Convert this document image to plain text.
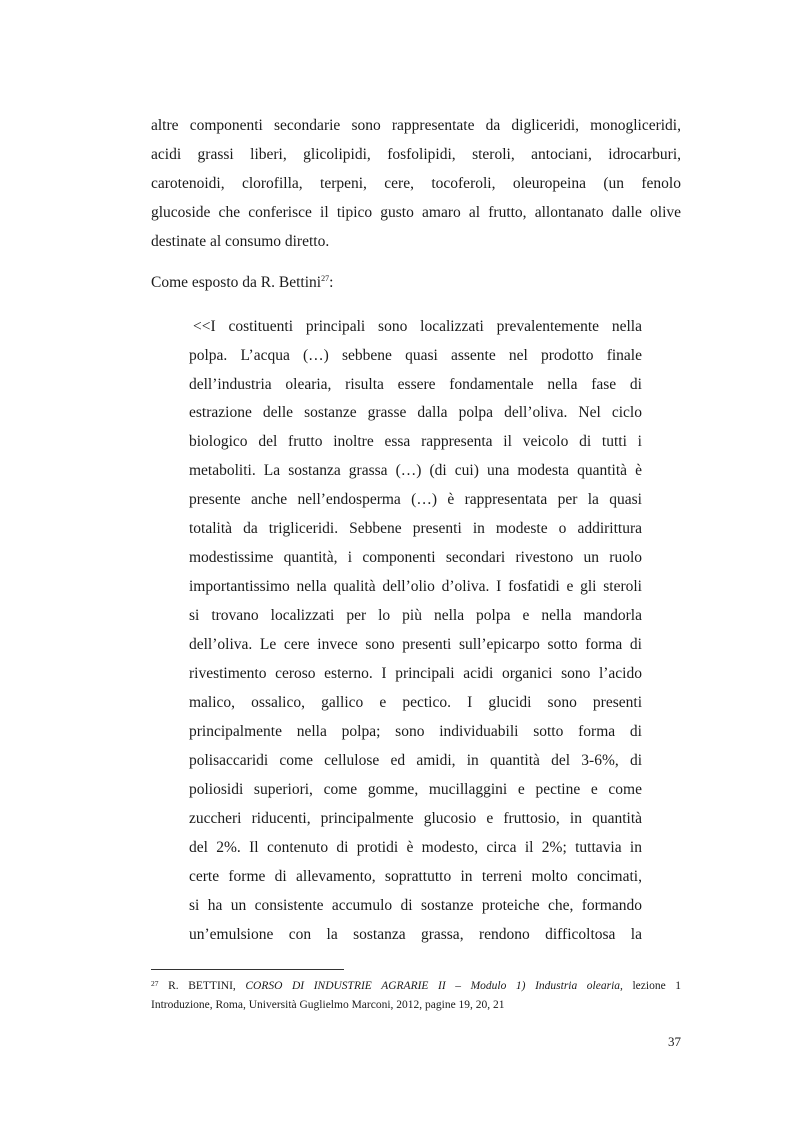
altre componenti secondarie sono rappresentate da digliceridi, monogliceridi,
acidi grassi liberi, glicolipidi, fosfolipidi, steroli, antociani, idrocarburi,
carotenoidi, clorofilla, terpeni, cere, tocoferoli, oleuropeina (un fenolo
glucoside che conferisce il tipico gusto amaro al frutto, allontanato dalle olive
destinate al consumo diretto.
Come esposto da R. Bettini$^{27}$:
<<I costituenti principali sono localizzati prevalentemente nella
polpa. L’acqua (…) sebbene quasi assente nel prodotto finale
dell’industria olearia, risulta essere fondamentale nella fase di
estrazione delle sostanze grasse dalla polpa dell’oliva. Nel ciclo
biologico del frutto inoltre essa rappresenta il veicolo di tutti i
metaboliti. La sostanza grassa (…) (di cui) una modesta quantità è
presente anche nell’endosperma (…) è rappresentata per la quasi
totalità da trigliceridi. Sebbene presenti in modeste o addirittura
modestissime quantità, i componenti secondari rivestono un ruolo
importantissimo nella qualità dell’olio d’oliva. I fosfatidi e gli steroli
si trovano localizzati per lo più nella polpa e nella mandorla
dell’oliva. Le cere invece sono presenti sull’epicarpo sotto forma di
rivestimento ceroso esterno. I principali acidi organici sono l’acido
malico, ossalico, gallico e pectico. I glucidi sono presenti
principalmente nella polpa; sono individuabili sotto forma di
polisaccaridi come cellulose ed amidi, in quantità del 3-6%, di
poliosidi superiori, come gomme, mucillaggini e pectine e come
zuccheri riducenti, principalmente glucosio e fruttosio, in quantità
del 2%. Il contenuto di protidi è modesto, circa il 2%; tuttavia in
certe forme di allevamento, soprattutto in terreni molto concimati,
si ha un consistente accumulo di sostanze proteiche che, formando
un’emulsione con la sostanza grassa, rendono difficoltosa la
$^{27}$ R. BETTINI, CORSO DI INDUSTRIE AGRARIE II – Modulo 1) Industria olearia, lezione 1
Introduzione, Roma, Università Guglielmo Marconi, 2012, pagine 19, 20, 21
37
